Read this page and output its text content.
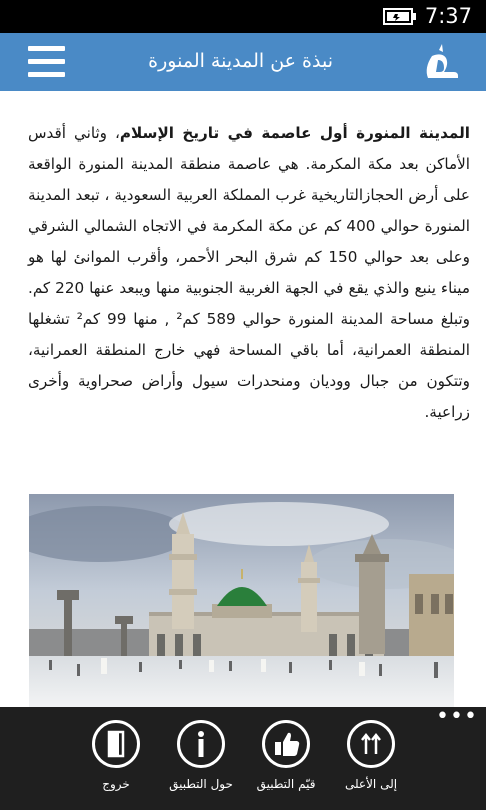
7:37
نبذة عن المدينة المنورة
المدينة المنورة أول عاصمة في تاريخ الإسلام، وثاني أقدس الأماكن بعد مكة المكرمة. هي عاصمة منطقة المدينة المنورة الواقعة على أرض الحجازالتاريخية غرب المملكة العربية السعودية ، تبعد المدينة المنورة حوالي 400 كم عن مكة المكرمة في الاتجاه الشمالي الشرقي وعلى بعد حوالي 150 كم شرق البحر الأحمر، وأقرب الموانئ لها هو ميناء ينبع والذي يقع في الجهة الغربية الجنوبية منها ويبعد عنها 220 كم. وتبلغ مساحة المدينة المنورة حوالي 589 كم² , منها 99 كم² تشغلها المنطقة العمرانية، أما باقي المساحة فهي خارج المنطقة العمرانية، وتتكون من جبال ووديان ومنحدرات سيول وأراض صحراوية وأخرى زراعية.
•••
خروج	حول التطبيق	قيّم التطبيق	إلى الأعلى
